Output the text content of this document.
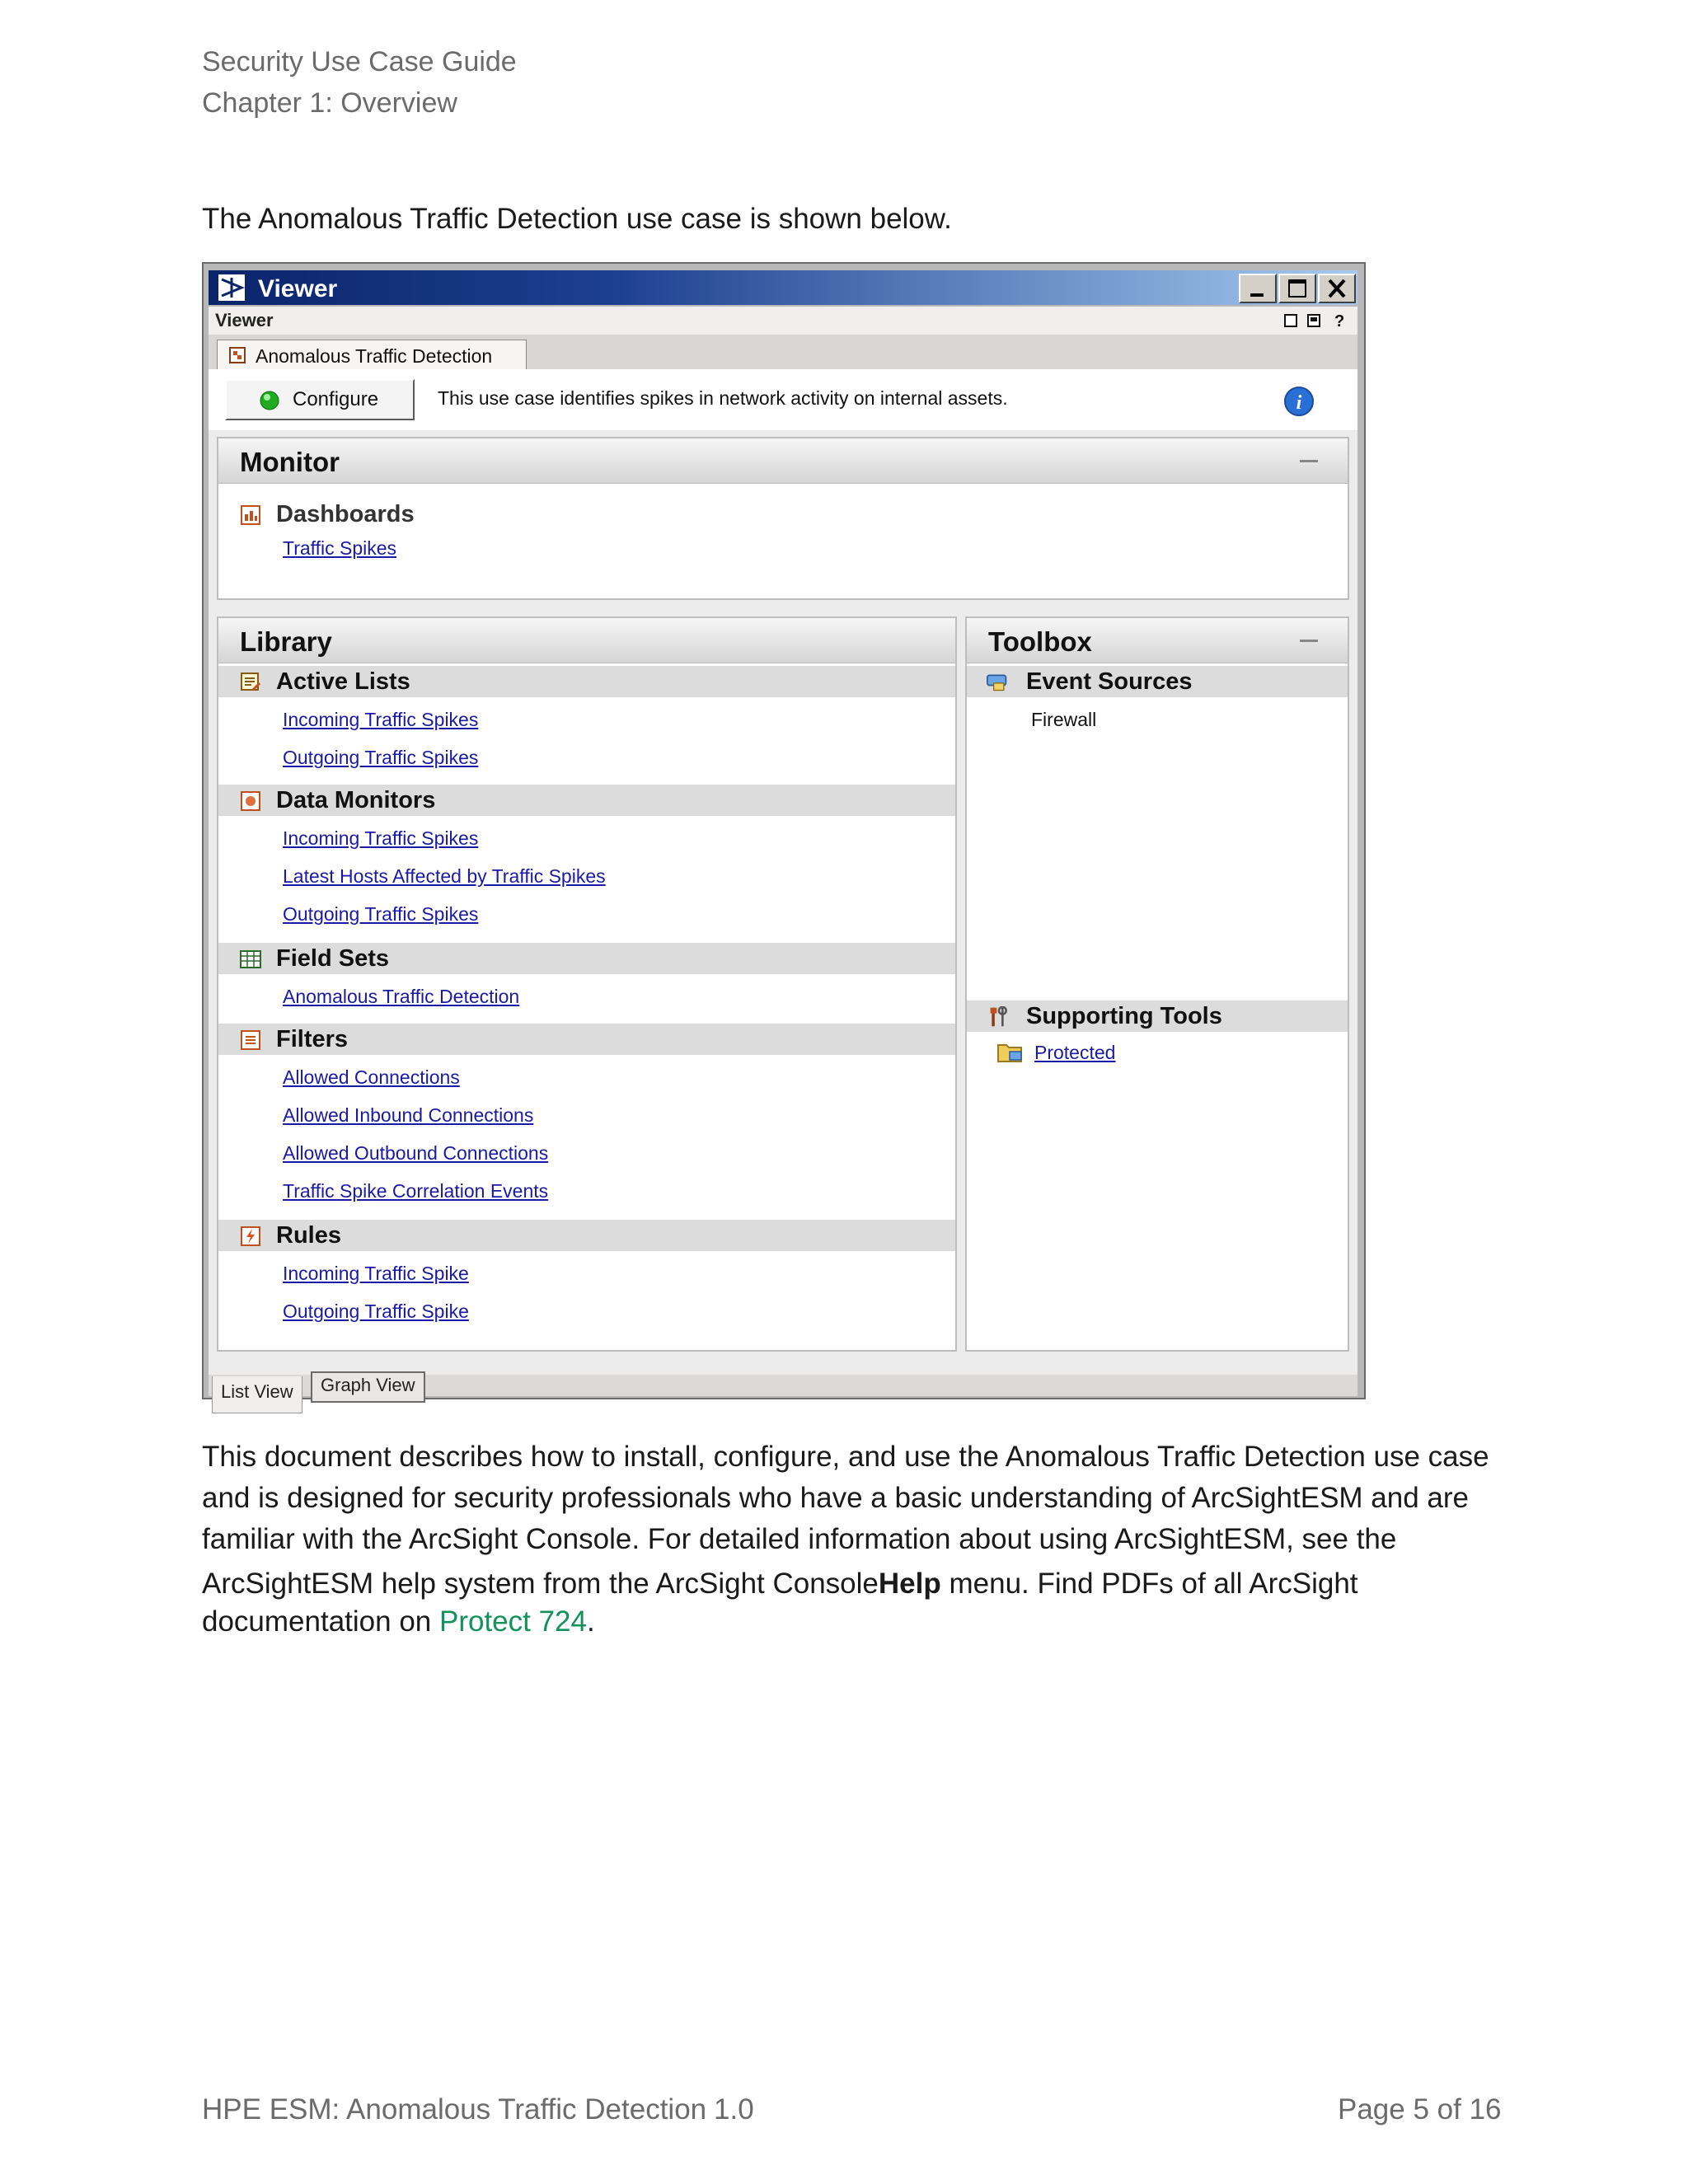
Security Use Case Guide
Chapter 1: Overview
The Anomalous Traffic Detection use case is shown below.
Viewer
Viewer	?
Anomalous Traffic Detection
Configure	This use case identifies spikes in network activity on internal assets.	i
Monitor
Dashboards
Traffic Spikes
Library
Active Lists
Incoming Traffic Spikes
Outgoing Traffic Spikes
Data Monitors
Incoming Traffic Spikes
Latest Hosts Affected by Traffic Spikes
Outgoing Traffic Spikes
Field Sets
Anomalous Traffic Detection
Filters
Allowed Connections
Allowed Inbound Connections
Allowed Outbound Connections
Traffic Spike Correlation Events
Rules
Incoming Traffic Spike
Outgoing Traffic Spike
Toolbox
Event Sources
Firewall
Supporting Tools
Protected
List View	Graph View
This document describes how to install, configure, and use the Anomalous Traffic Detection use case
and is designed for security professionals who have a basic understanding of ArcSightESM and are
familiar with the ArcSight Console. For detailed information about using ArcSightESM, see the
ArcSightESM help system from the ArcSight ConsoleHelp menu. Find PDFs of all ArcSight
documentation on Protect 724.
HPE ESM: Anomalous Traffic Detection 1.0	Page 5 of 16
